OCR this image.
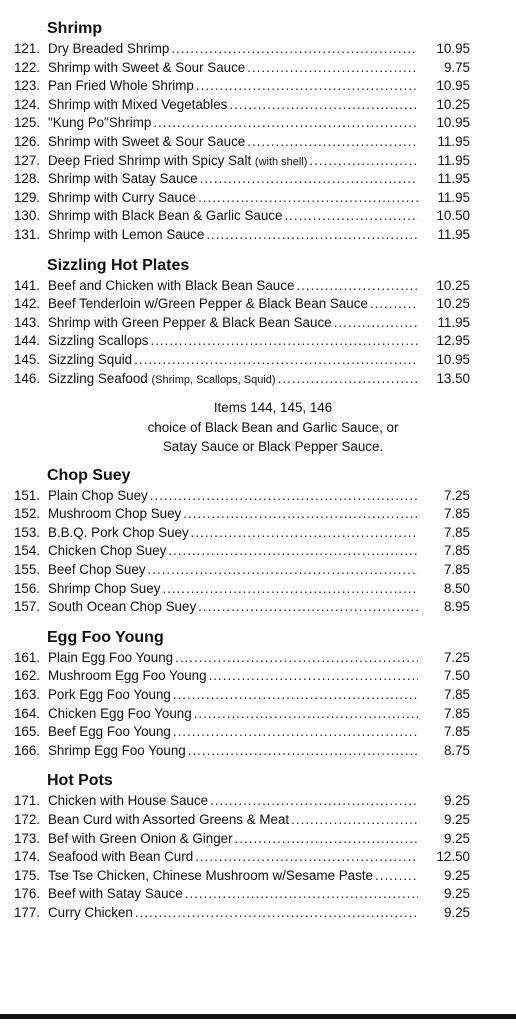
Shrimp
121. Dry Breaded Shrimp .....	10.95
122. Shrimp with Sweet & Sour Sauce .....	9.75
123. Pan Fried Whole Shrimp .....	10.95
124. Shrimp with Mixed Vegetables .....	10.25
125. "Kung Po"Shrimp .....	10.95
126. Shrimp with Sweet & Sour Sauce .....	11.95
127. Deep Fried Shrimp with Spicy Salt (with shell) .....	11.95
128. Shrimp with Satay Sauce .....	11.95
129. Shrimp with Curry Sauce .....	11.95
130. Shrimp with Black Bean & Garlic Sauce .....	10.50
131. Shrimp with Lemon Sauce .....	11.95
Sizzling Hot Plates
141. Beef and Chicken with Black Bean Sauce .....	10.25
142. Beef Tenderloin w/Green Pepper & Black Bean Sauce .....	10.25
143. Shrimp with Green Pepper & Black Bean Sauce .....	11.95
144. Sizzling Scallops .....	12.95
145. Sizzling Squid .....	10.95
146. Sizzling Seafood (Shrimp, Scallops, Squid) .....	13.50
Items 144, 145, 146
choice of Black Bean and Garlic Sauce, or
Satay Sauce or Black Pepper Sauce.
Chop Suey
151. Plain Chop Suey .....	7.25
152. Mushroom Chop Suey .....	7.85
153. B.B.Q. Pork Chop Suey .....	7.85
154. Chicken Chop Suey .....	7.85
155. Beef Chop Suey .....	7.85
156. Shrimp Chop Suey .....	8.50
157. South Ocean Chop Suey .....	8.95
Egg Foo Young
161. Plain Egg Foo Young .....	7.25
162. Mushroom Egg Foo Young .....	7.50
163. Pork Egg Foo Young .....	7.85
164. Chicken Egg Foo Young .....	7.85
165. Beef Egg Foo Young .....	7.85
166. Shrimp Egg Foo Young .....	8.75
Hot Pots
171. Chicken with House Sauce .....	9.25
172. Bean Curd with Assorted Greens & Meat .....	9.25
173. Bef with Green Onion & Ginger .....	9.25
174. Seafood with Bean Curd .....	12.50
175. Tse Tse Chicken, Chinese Mushroom w/Sesame Paste .....	9.25
176. Beef with Satay Sauce .....	9.25
177. Curry Chicken .....	9.25
